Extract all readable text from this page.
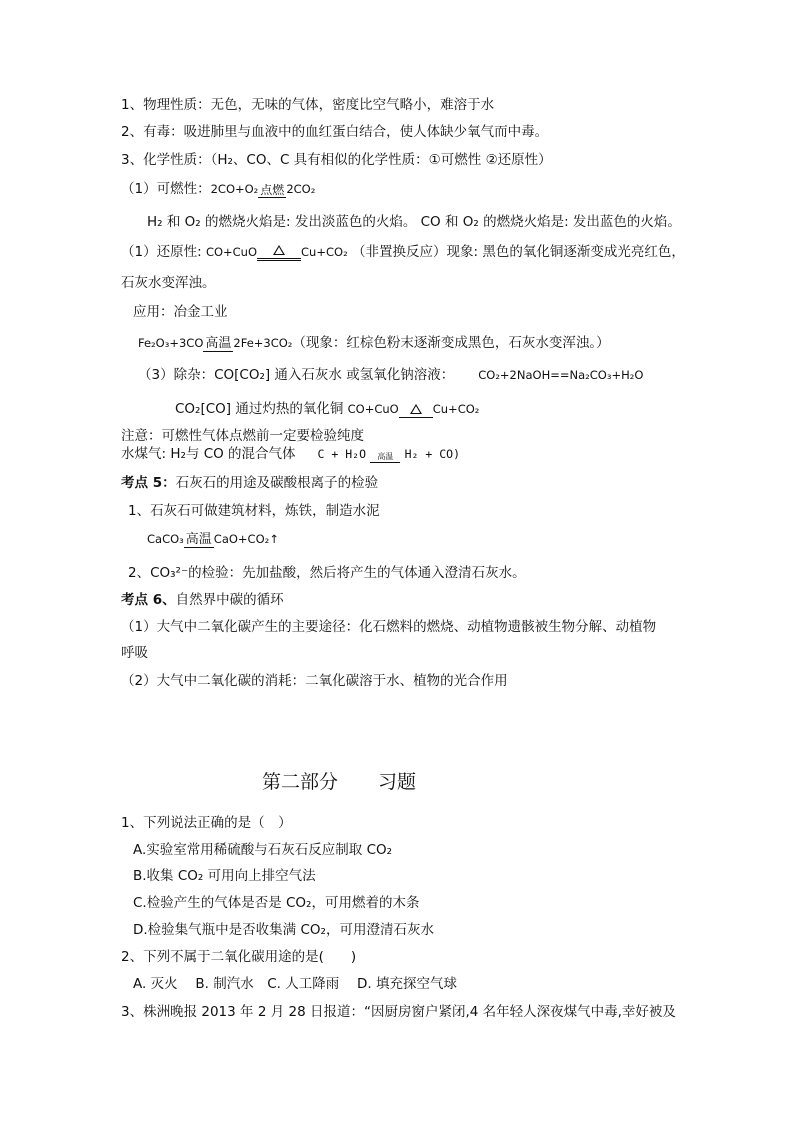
1、物理性质：无色，无味的气体，密度比空气略小，难溶于水
2、有毒：吸进肺里与血液中的血红蛋白结合，使人体缺少氧气而中毒。
3、化学性质：（H₂、CO、C 具有相似的化学性质：①可燃性 ②还原性）
（1）可燃性：2CO+O₂ 点燃 2CO₂
H₂ 和 O₂ 的燃烧火焰是: 发出淡蓝色的火焰。 CO 和 O₂ 的燃烧火焰是: 发出蓝色的火焰。
（1）还原性: CO+CuO	Cu+CO₂ （非置换反应）现象: 黑色的氧化铜逐渐变成光亮红色，
石灰水变浑浊。
应用：冶金工业
Fe₂O₃+3CO 高温 2Fe+3CO₂（现象：红棕色粉末逐渐变成黑色，石灰水变浑浊。）
（3）除杂：CO[CO₂] 通入石灰水 或氢氧化钠溶液： CO₂+2NaOH==Na₂CO₃+H₂O
CO₂[CO] 通过灼热的氧化铜 CO+CuO	Cu+CO₂
注意：可燃性气体点燃前一定要检验纯度
水煤气: H₂与 CO 的混合气体 C + H₂O	高温 H₂ + CO)
考点 5：石灰石的用途及碳酸根离子的检验
1、石灰石可做建筑材料，炼铁，制造水泥
CaCO₃ 高温 CaO+CO₂↑
2、CO₃²⁻的检验：先加盐酸，然后将产生的气体通入澄清石灰水。
考点 6、自然界中碳的循环
（1）大气中二氧化碳产生的主要途径：化石燃料的燃烧、动植物遗骸被生物分解、动植物
呼吸
（2）大气中二氧化碳的消耗：二氧化碳溶于水、植物的光合作用
第二部分 习题
1、下列说法正确的是（　）
A.实验室常用稀硫酸与石灰石反应制取 CO₂
B.收集 CO₂ 可用向上排空气法
C.检验产生的气体是否是 CO₂，可用燃着的木条
D.检验集气瓶中是否收集满 CO₂，可用澄清石灰水
2、下列不属于二氧化碳用途的是(　　)
A. 灭火　 B. 制汽水　C. 人工降雨　 D. 填充探空气球
3、株洲晚报 2013 年 2 月 28 日报道：“因厨房窗户紧闭,4 名年轻人深夜煤气中毒,幸好被及
